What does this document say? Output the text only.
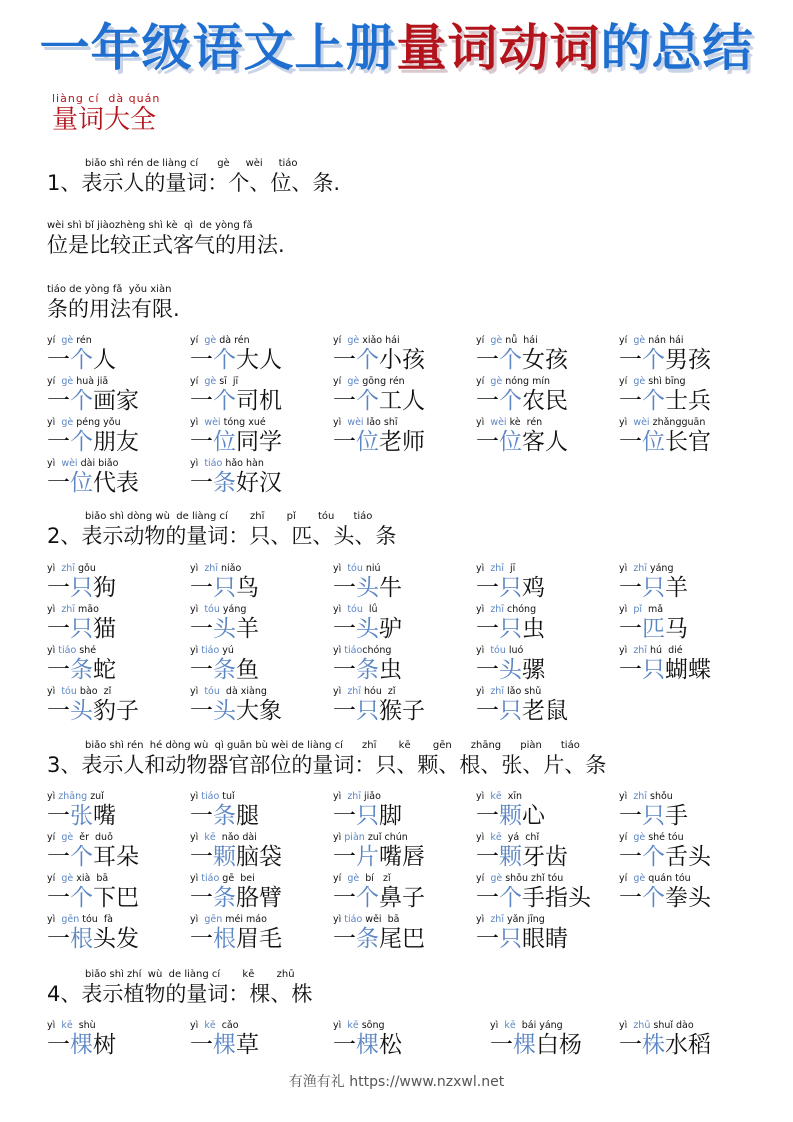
一年级语文上册量词动词的总结
liàng cí  dà quán
量词大全
biǎo shì rén de liàng cí      gè     wèi     tiáo
1、表示人的量词：个、位、条.
wèi shì bǐ jiàozhèng shì kè  qì  de yòng fǎ
位是比较正式客气的用法.
tiáo de yòng fǎ  yǒu xiàn
条的用法有限.
yí  gè rén
一个人
yí  gè dà rén
一个大人
yí  gè xiǎo hái
一个小孩
yí  gè nǚ  hái
一个女孩
yí  gè nán hái
一个男孩
yí  gè huà jiā
一个画家
yí  gè sī  jī
一个司机
yí  gè gōng rén
一个工人
yí  gè nóng mín
一个农民
yí  gè shì bīng
一个士兵
yì  gè péng yǒu
一个朋友
yì  wèi tóng xué
一位同学
yì  wèi lǎo shī
一位老师
yì  wèi kè  rén
一位客人
yì  wèi zhǎngguān
一位长官
yì  wèi dài biǎo
一位代表
yì  tiáo hǎo hàn
一条好汉
biǎo shì dòng wù  de liàng cí       zhī       pǐ       tóu      tiáo
2、表示动物的量词：只、匹、头、条
yì  zhī gǒu
一只狗
yì  zhī niǎo
一只鸟
yì  tóu niú
一头牛
yì  zhī  jī
一只鸡
yì  zhī yáng
一只羊
yì  zhī māo
一只猫
yì  tóu yáng
一头羊
yì  tóu  lǘ
一头驴
yì  zhī chóng
一只虫
yì  pǐ  mǎ
一匹马
yì tiáo shé
一条蛇
yì tiáo yú
一条鱼
yì tiáochóng
一条虫
yì  tóu luó
一头骡
yì  zhī hú  dié
一只蝴蝶
yì  tóu bào  zǐ
一头豹子
yì  tóu  dà xiàng
一头大象
yì  zhī hóu  zǐ
一只猴子
yì  zhī lǎo shǔ
一只老鼠
biǎo shì rén  hé dòng wù  qì guān bù wèi de liàng cí      zhī       kē       gēn      zhāng      piàn      tiáo
3、表示人和动物器官部位的量词：只、颗、根、张、片、条
yì zhāng zuǐ
一张嘴
yì tiáo tuǐ
一条腿
yì  zhī jiǎo
一只脚
yì  kē  xīn
一颗心
yì  zhī shǒu
一只手
yí  gè  ěr  duǒ
一个耳朵
yì  kē  nǎo dài
一颗脑袋
yì piàn zuǐ chún
一片嘴唇
yì  kē  yá  chǐ
一颗牙齿
yí  gè shé tóu
一个舌头
yí  gè xià  bā
一个下巴
yì tiáo gē  bei
一条胳臂
yí  gè  bí   zǐ
一个鼻子
yí  gè shǒu zhǐ tóu
一个手指头
yí  gè quán tóu
一个拳头
yì  gēn tóu  fà
一根头发
yì  gēn méi máo
一根眉毛
yì tiáo wěi  bā
一条尾巴
yì  zhī yǎn jīng
一只眼睛
biǎo shì zhí  wù  de liàng cí       kē       zhū
4、表示植物的量词：棵、株
yì  kē  shù
一棵树
yì  kē  cǎo
一棵草
yì  kē sōng
一棵松
yì  kē  bái yáng
一棵白杨
yì  zhū shuǐ dào
一株水稻
有渔有礼 https://www.nzxwl.net
